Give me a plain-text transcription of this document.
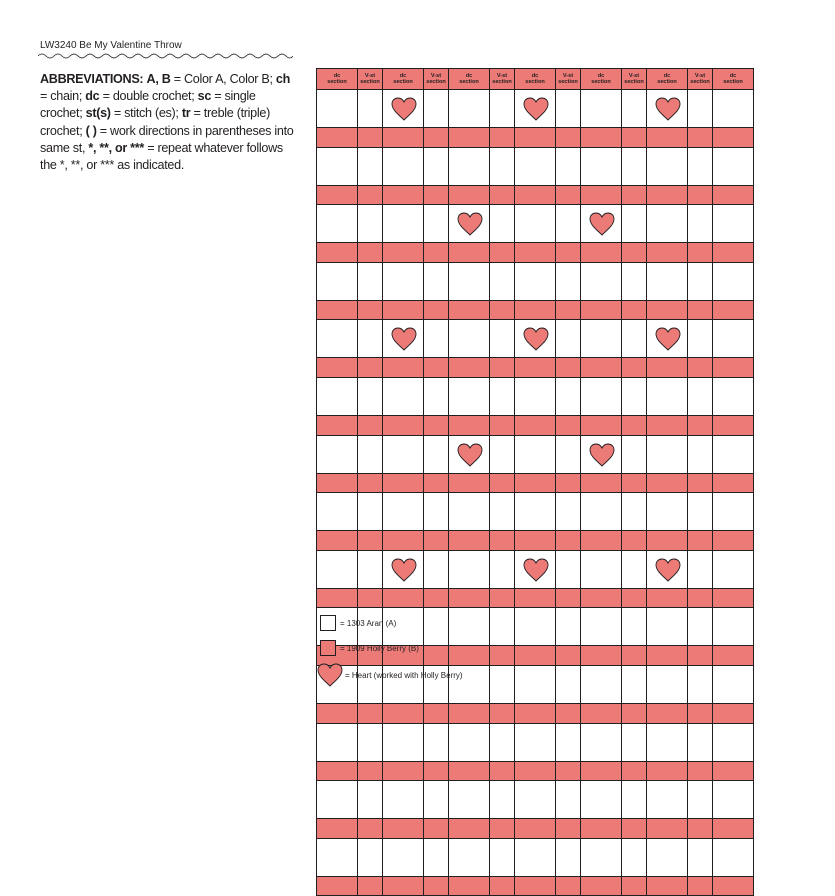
LW3240 Be My Valentine Throw
ABBREVIATIONS: A, B = Color A, Color B; ch = chain; dc = double crochet; sc = single crochet; st(s) = stitch (es); tr = treble (triple) crochet; ( ) = work directions in parentheses into same st, *, **, or *** = repeat whatever follows the *, **, or *** as indicated.
dc
section
V-st
section
dc
section
V-st
section
dc
section
V-st
section
dc
section
V-st
section
dc
section
V-st
section
dc
section
V-st
section
dc
section
= 1303 Aran (A)
= 1909 Holly Berry (B)
= Heart (worked with Holly Berry)
